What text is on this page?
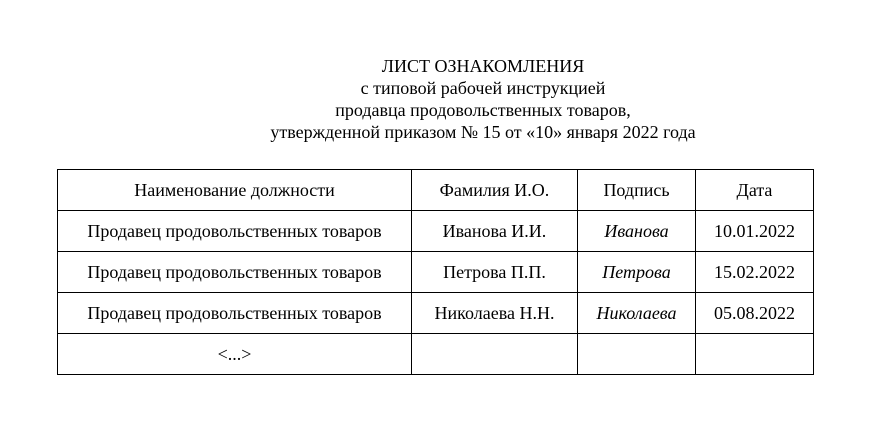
ЛИСТ ОЗНАКОМЛЕНИЯ
с типовой рабочей инструкцией
продавца продовольственных товаров,
утвержденной приказом № 15 от «10» января 2022 года
Наименование должности	Фамилия И.О.	Подпись	Дата
Продавец продовольственных товаров	Иванова И.И.	Иванова	10.01.2022
Продавец продовольственных товаров	Петрова П.П.	Петрова	15.02.2022
Продавец продовольственных товаров	Николаева Н.Н.	Николаева	05.08.2022
<...>			
